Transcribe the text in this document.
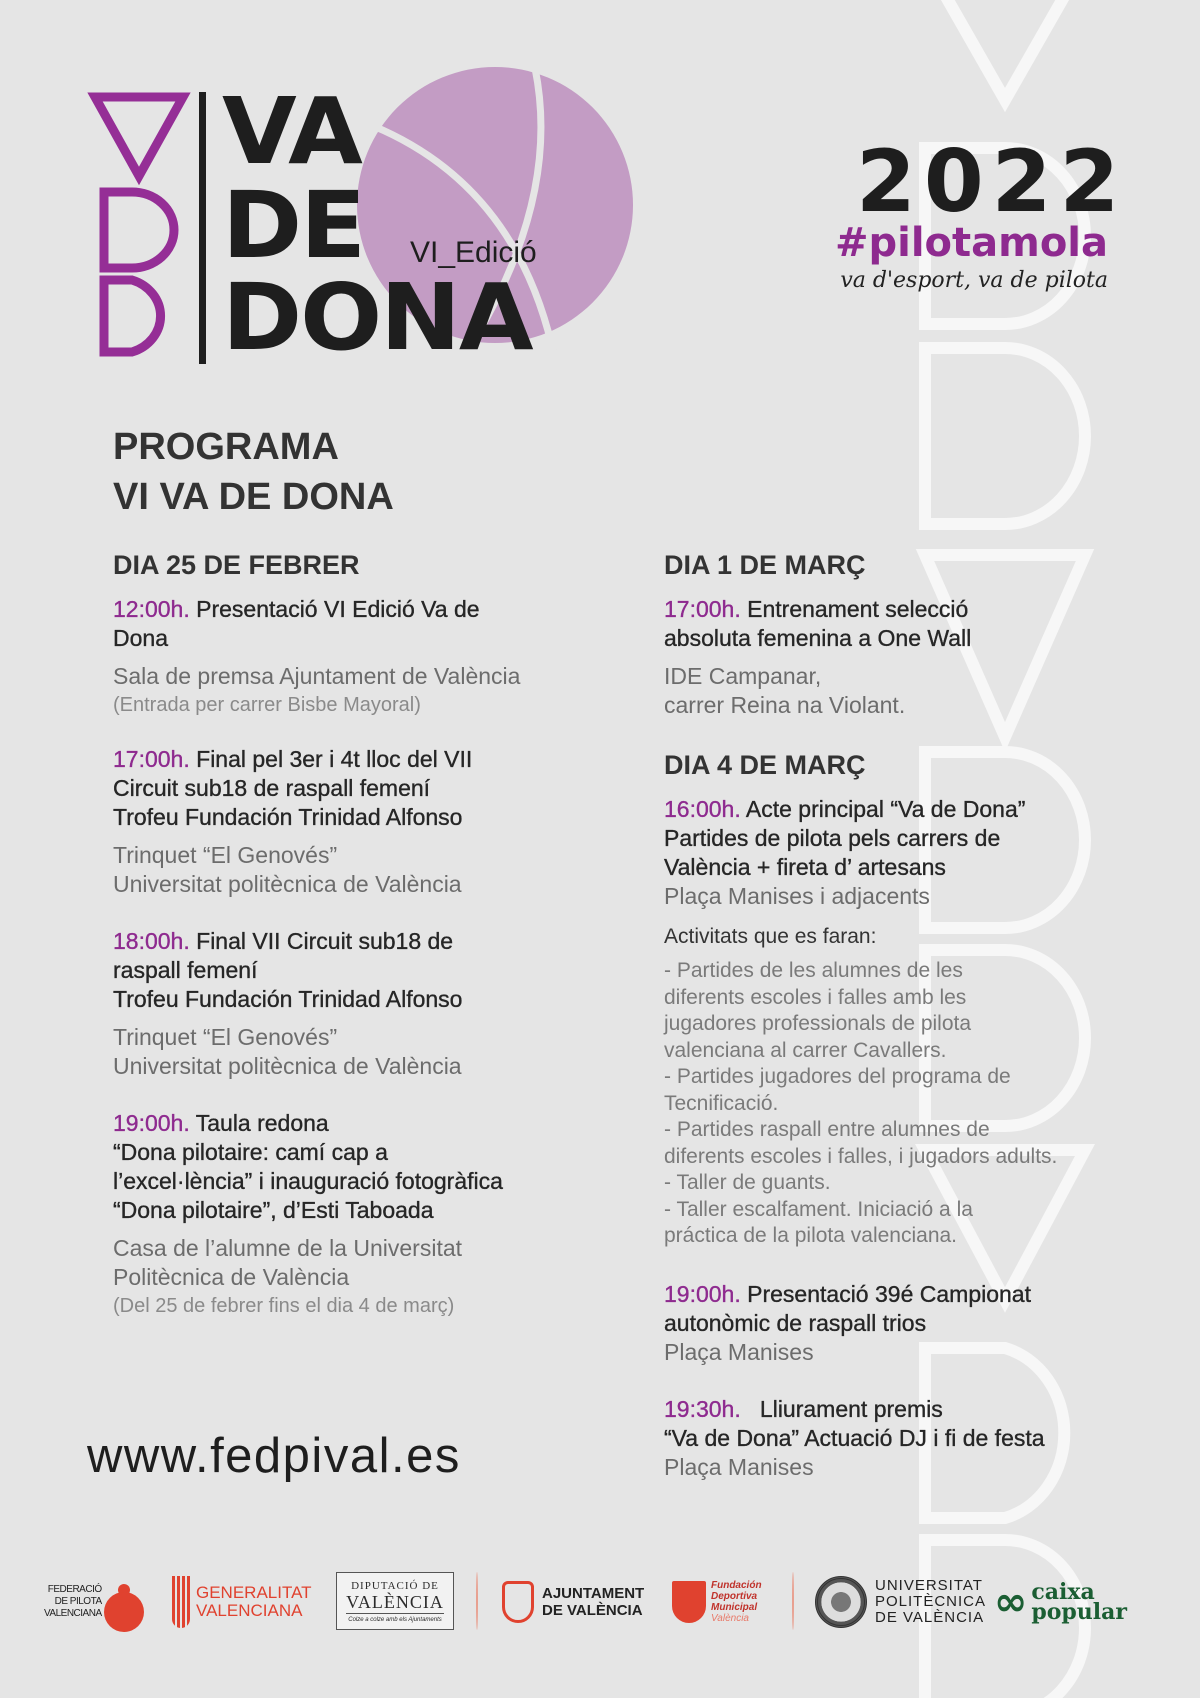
VA
DE
DONA
VI_Edició
2022
#pilotamola
va d'esport, va de pilota
PROGRAMA
VI VA DE DONA
DIA 25 DE FEBRER
12:00h. Presentació VI Edició Va de
Dona
Sala de premsa Ajuntament de València
(Entrada per carrer Bisbe Mayoral)
17:00h. Final pel 3er i 4t lloc del VII
Circuit sub18 de raspall femení
Trofeu Fundación Trinidad Alfonso
Trinquet “El Genovés”
Universitat politècnica de València
18:00h. Final VII Circuit sub18 de
raspall femení
Trofeu Fundación Trinidad Alfonso
Trinquet “El Genovés”
Universitat politècnica de València
19:00h. Taula redona
“Dona pilotaire: camí cap a
l’excel·lència” i inauguració fotogràfica
“Dona pilotaire”, d’Esti Taboada
Casa de l’alumne de la Universitat
Politècnica de València
(Del 25 de febrer fins el dia 4 de març)
DIA 1 DE MARÇ
17:00h. Entrenament selecció
absoluta femenina a One Wall
IDE Campanar,
carrer Reina na Violant.
DIA 4 DE MARÇ
16:00h. Acte principal “Va de Dona”
Partides de pilota pels carrers de
València + fireta d’ artesans
Plaça Manises i adjacents
Activitats que es faran:
- Partides de les alumnes de les
diferents escoles i falles amb les
jugadores professionals de pilota
valenciana al carrer Cavallers.
- Partides jugadores del programa de
Tecnificació.
- Partides raspall entre alumnes de
diferents escoles i falles, i jugadors adults.
- Taller de guants.
- Taller escalfament. Iniciació a la
práctica de la pilota valenciana.
19:00h. Presentació 39é Campionat
autonòmic de raspall trios
Plaça Manises
19:30h.   Lliurament premis
“Va de Dona” Actuació DJ i fi de festa
Plaça Manises
www.fedpival.es
FEDERACIÓ
DE PILOTA
VALENCIANA
GENERALITAT
VALENCIANA
DIPUTACIÓ DE
VALÈNCIA
Colze a colze amb els Ajuntaments
AJUNTAMENT
DE VALÈNCIA
Fundación
Deportiva
Municipal
València
UNIVERSITAT
POLITÈCNICA
DE VALÈNCIA ∞ caixa
popular
